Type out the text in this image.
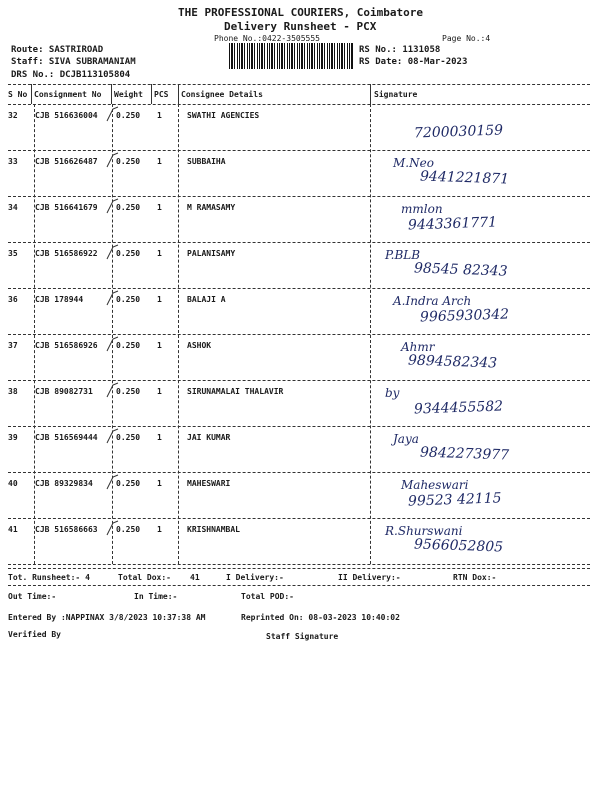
THE PROFESSIONAL COURIERS, Coimbatore
Delivery Runsheet - PCX
Phone No.:0422-3505555	Page No.:4
Route: SASTRIROAD
Staff: SIVA SUBRAMANIAM
DRS No.: DCJB113105804
RS No.: 1131058
RS Date: 08-Mar-2023
S No Consignment No Weight PCS Consignee Details	Signature
32 CJB 516636004 0.250 1	SWATHI AGENCIES
7200030159
33 CJB 516626487 0.250 1	SUBBAIHA	M.Neo
9441221871
34 CJB 516641679 0.250 1	M RAMASAMY	mmlon
9443361771
35 CJB 516586922 0.250 1	PALANISAMY	P.BLB
98545 82343
36 CJB 178944	0.250 1	BALAJI A	A.Indra Arch
9965930342
37 CJB 516586926 0.250 1	ASHOK	Ahmr
9894582343
38 CJB 89082731	0.250 1	SIRUNAMALAI THALAVIR	by
9344455582
39 CJB 516569444 0.250 1	JAI KUMAR	Jaya
9842273977
40 CJB 89329834	0.250 1	MAHESWARI	Maheswari
99523 42115
41 CJB 516586663 0.250 1	KRISHNAMBAL	R.Shurswani
9566052805
Tot. Runsheet:- 4	Total Dox:- 41	I Delivery:-	II Delivery:-	RTN Dox:-
Out Time:-	In Time:-	Total POD:-
Entered By :NAPPINAX 3/8/2023 10:37:38 AM	Reprinted On: 08-03-2023 10:40:02
Verified By	Staff Signature
